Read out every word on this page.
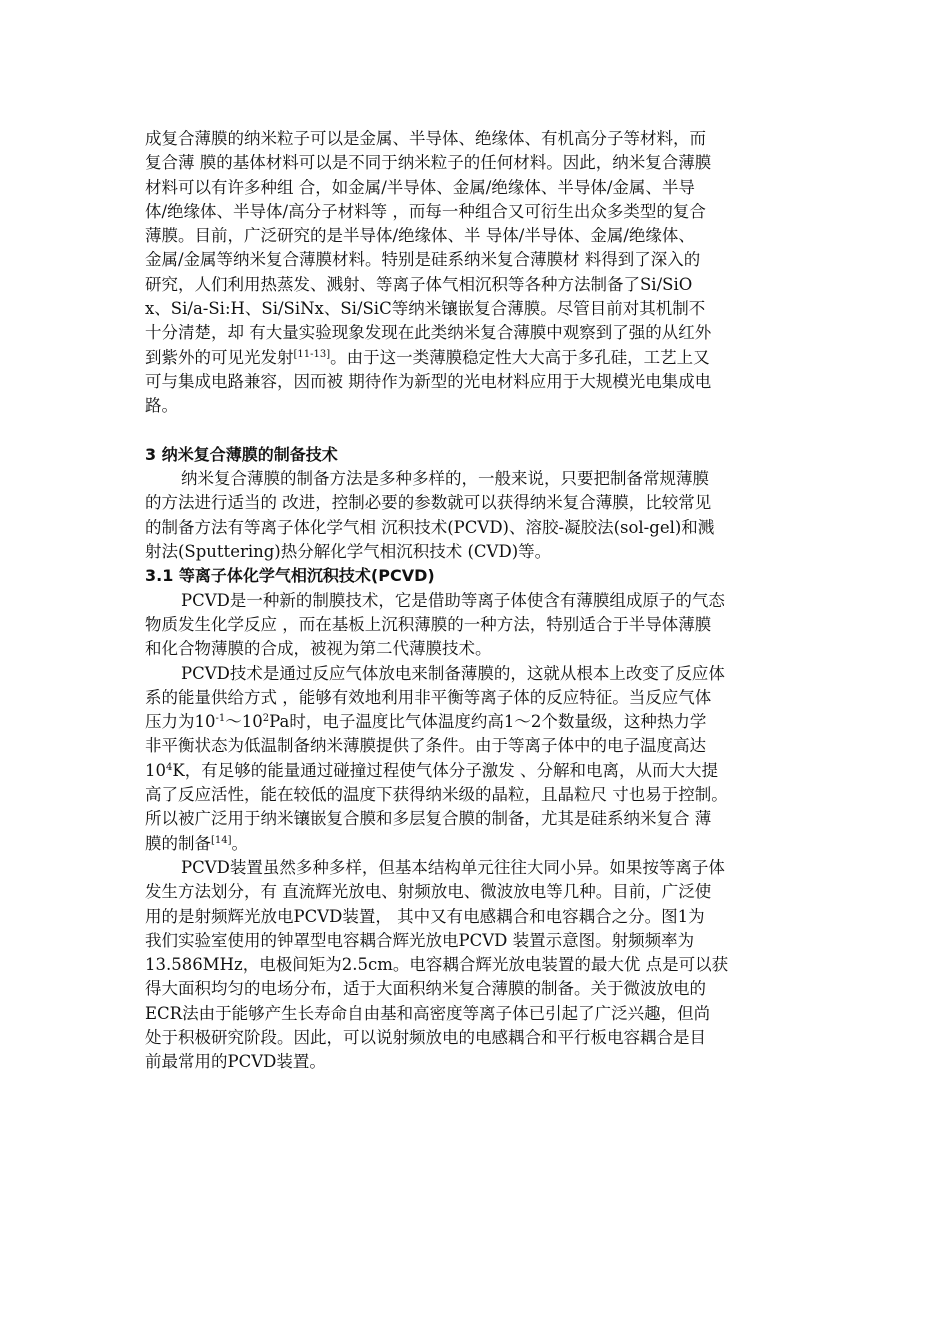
成复合薄膜的纳米粒子可以是金属、半导体、绝缘体、有机高分子等材料，而
复合薄 膜的基体材料可以是不同于纳米粒子的任何材料。因此，纳米复合薄膜
材料可以有许多种组 合，如金属/半导体、金属/绝缘体、半导体/金属、半导
体/绝缘体、半导体/高分子材料等 ，而每一种组合又可衍生出众多类型的复合
薄膜。目前，广泛研究的是半导体/绝缘体、半 导体/半导体、金属/绝缘体、
金属/金属等纳米复合薄膜材料。特别是硅系纳米复合薄膜材 料得到了深入的
研究，人们利用热蒸发、溅射、等离子体气相沉积等各种方法制备了Si/SiO
x、Si/a-Si:H、Si/SiNx、Si/SiC等纳米镶嵌复合薄膜。尽管目前对其机制不
十分清楚，却 有大量实验现象发现在此类纳米复合薄膜中观察到了强的从红外
到紫外的可见光发射[11-13]。由于这一类薄膜稳定性大大高于多孔硅，工艺上又
可与集成电路兼容，因而被 期待作为新型的光电材料应用于大规模光电集成电
路。
3 纳米复合薄膜的制备技术
纳米复合薄膜的制备方法是多种多样的，一般来说，只要把制备常规薄膜
的方法进行适当的 改进，控制必要的参数就可以获得纳米复合薄膜，比较常见
的制备方法有等离子体化学气相 沉积技术(PCVD)、溶胶-凝胶法(sol-gel)和溅
射法(Sputtering)热分解化学气相沉积技术 (CVD)等。
3.1 等离子体化学气相沉积技术(PCVD)
PCVD是一种新的制膜技术，它是借助等离子体使含有薄膜组成原子的气态
物质发生化学反应 ，而在基板上沉积薄膜的一种方法，特别适合于半导体薄膜
和化合物薄膜的合成，被视为第二代薄膜技术。
PCVD技术是通过反应气体放电来制备薄膜的，这就从根本上改变了反应体
系的能量供给方式 ，能够有效地利用非平衡等离子体的反应特征。当反应气体
压力为$10^{-1}\sim 10^2Pa$时，电子温度比气体温度约高1～2个数量级，这种热力学
非平衡状态为低温制备纳米薄膜提供了条件。由于等离子体中的电子温度高达
$10^4K$，有足够的能量通过碰撞过程使气体分子激发 、分解和电离，从而大大提
高了反应活性，能在较低的温度下获得纳米级的晶粒，且晶粒尺 寸也易于控制。
所以被广泛用于纳米镶嵌复合膜和多层复合膜的制备，尤其是硅系纳米复合 薄
膜的制备[14]。
PCVD装置虽然多种多样，但基本结构单元往往大同小异。如果按等离子体
发生方法划分，有 直流辉光放电、射频放电、微波放电等几种。目前，广泛使
用的是射频辉光放电PCVD装置， 其中又有电感耦合和电容耦合之分。图1为
我们实验室使用的钟罩型电容耦合辉光放电PCVD 装置示意图。射频频率为
13.586MHz，电极间矩为2.5cm。电容耦合辉光放电装置的最大优 点是可以获
得大面积均匀的电场分布，适于大面积纳米复合薄膜的制备。关于微波放电的
ECR法由于能够产生长寿命自由基和高密度等离子体已引起了广泛兴趣，但尚
处于积极研究阶段。因此，可以说射频放电的电感耦合和平行板电容耦合是目
前最常用的PCVD装置。
